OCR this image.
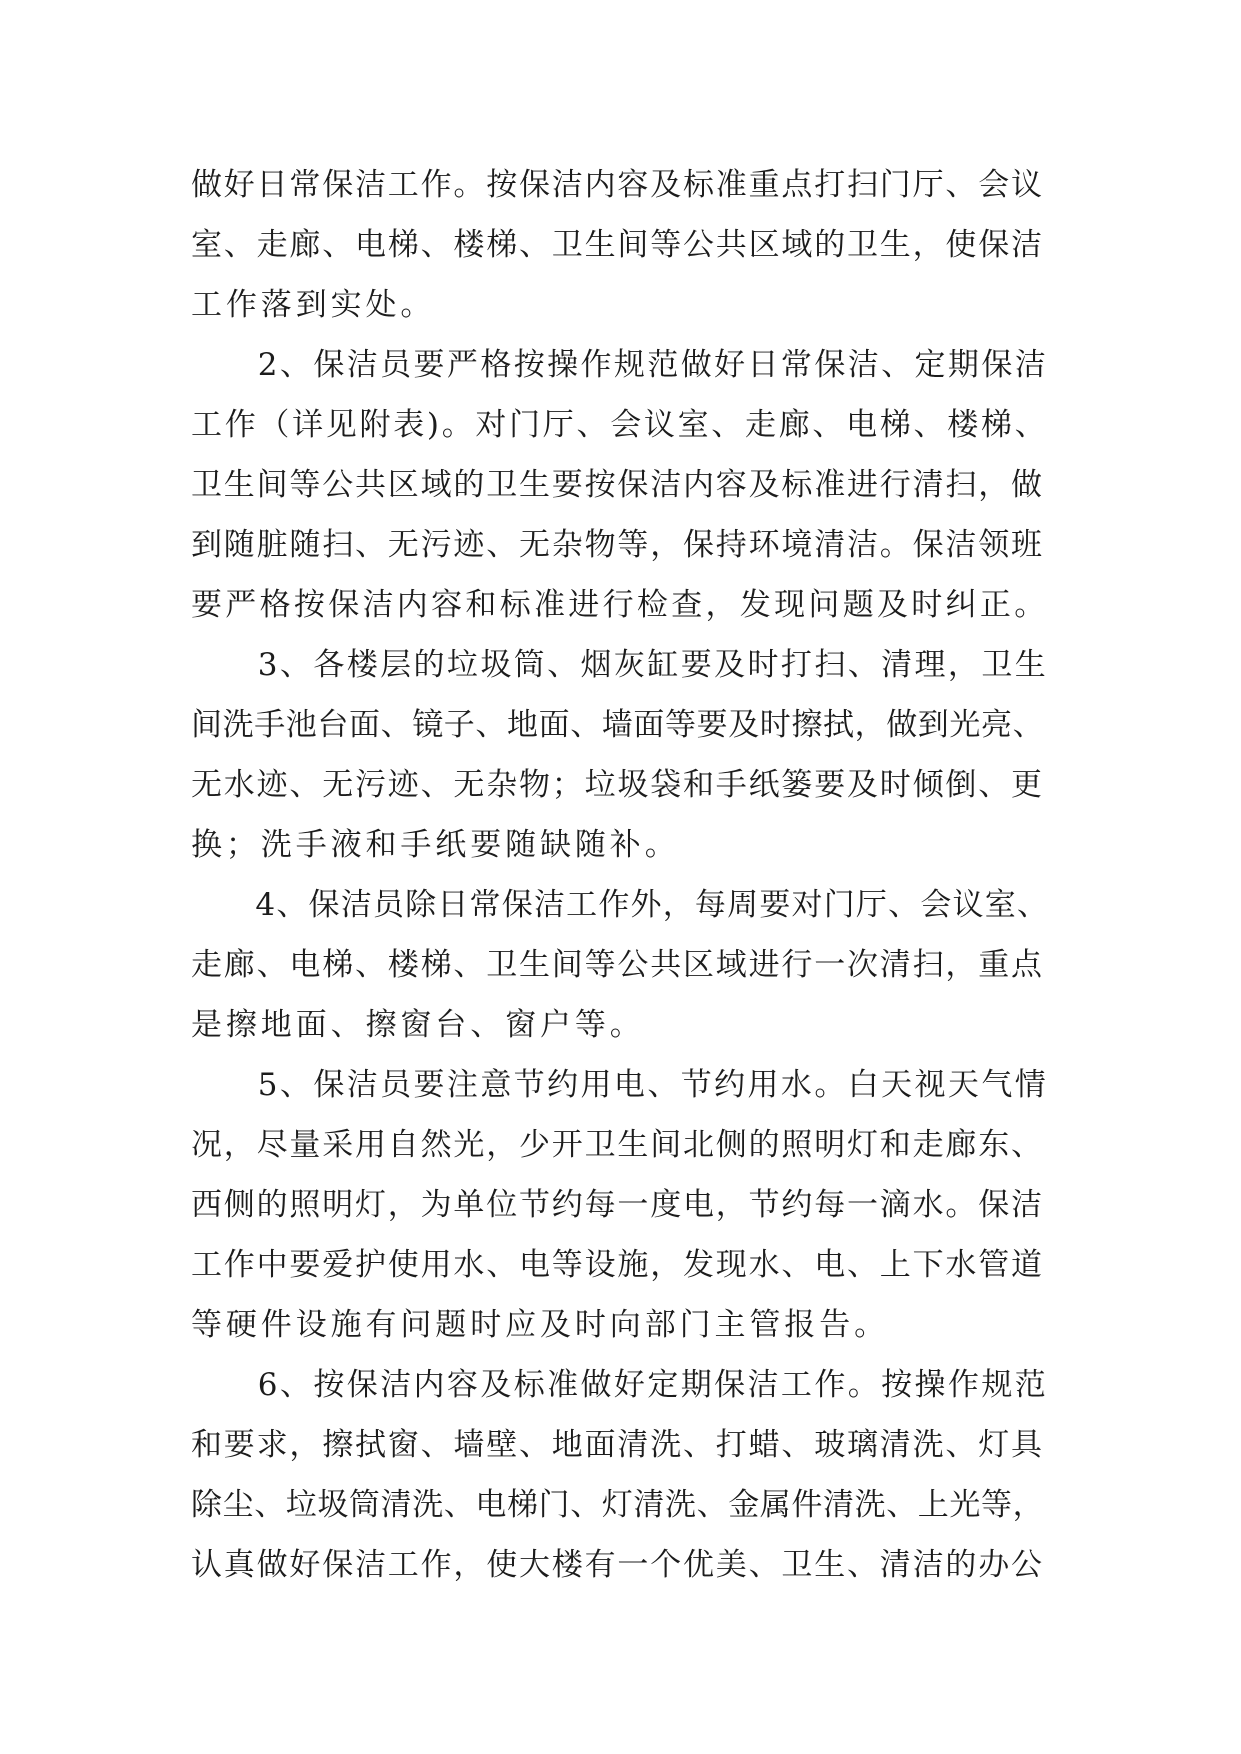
做好日常保洁工作。按保洁内容及标准重点打扫门厅、会议
室、走廊、电梯、楼梯、卫生间等公共区域的卫生，使保洁
工作落到实处。
　　2、保洁员要严格按操作规范做好日常保洁、定期保洁
工作（详见附表)。对门厅、会议室、走廊、电梯、楼梯、
卫生间等公共区域的卫生要按保洁内容及标准进行清扫，做
到随脏随扫、无污迹、无杂物等，保持环境清洁。保洁领班
要严格按保洁内容和标准进行检查，发现问题及时纠正。
　　3、各楼层的垃圾筒、烟灰缸要及时打扫、清理，卫生
间洗手池台面、镜子、地面、墙面等要及时擦拭，做到光亮、
无水迹、无污迹、无杂物；垃圾袋和手纸篓要及时倾倒、更
换；洗手液和手纸要随缺随补。
　　4、保洁员除日常保洁工作外，每周要对门厅、会议室、
走廊、电梯、楼梯、卫生间等公共区域进行一次清扫，重点
是擦地面、擦窗台、窗户等。
　　5、保洁员要注意节约用电、节约用水。白天视天气情
况，尽量采用自然光，少开卫生间北侧的照明灯和走廊东、
西侧的照明灯，为单位节约每一度电，节约每一滴水。保洁
工作中要爱护使用水、电等设施，发现水、电、上下水管道
等硬件设施有问题时应及时向部门主管报告。
　　6、按保洁内容及标准做好定期保洁工作。按操作规范
和要求，擦拭窗、墙壁、地面清洗、打蜡、玻璃清洗、灯具
除尘、垃圾筒清洗、电梯门、灯清洗、金属件清洗、上光等，
认真做好保洁工作，使大楼有一个优美、卫生、清洁的办公
